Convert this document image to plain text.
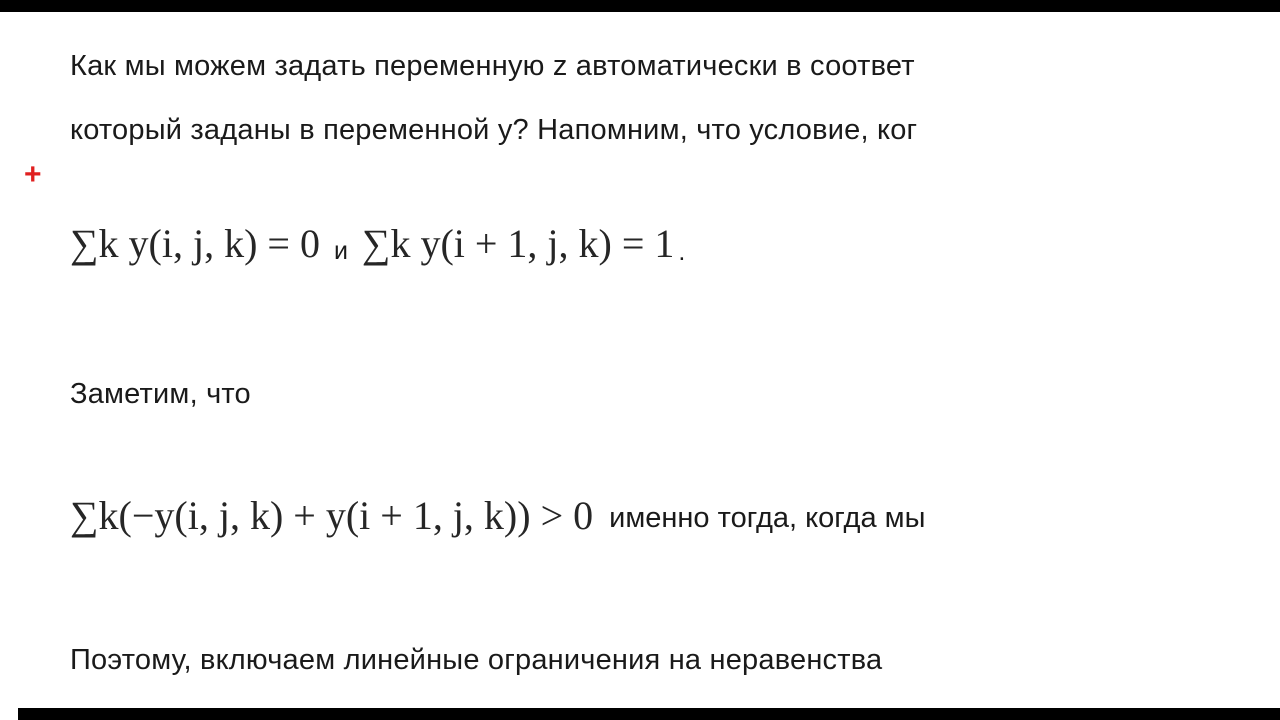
+
Как мы можем задать переменную z автоматически в соответ
который заданы в переменной y? Напомним, что условие, ког
∑k y(i, j, k) = 0 и ∑k y(i + 1, j, k) = 1 .
Заметим, что
∑k(−y(i, j, k) + y(i + 1, j, k)) > 0 именно тогда, когда мы
Поэтому, включаем линейные ограничения на неравенства
